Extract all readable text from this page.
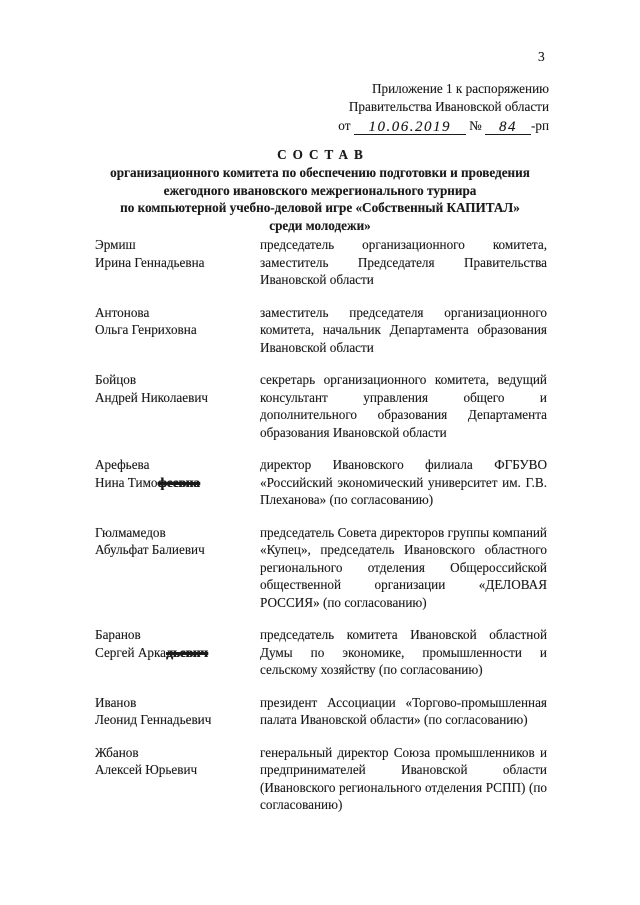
3
Приложение 1 к распоряжению
Правительства Ивановской области
от 10.06.2019 № 84 -рп
СОСТАВ
организационного комитета по обеспечению подготовки и проведения
ежегодного ивановского межрегионального турнира
по компьютерной учебно-деловой игре «Собственный КАПИТАЛ»
среди молодежи»
Эрмиш
Ирина Геннадьевна
председатель организационного комитета, заместитель Председателя Правительства Ивановской области
Антонова
Ольга Генриховна
заместитель председателя организационного комитета, начальник Департамента образования Ивановской области
Бойцов
Андрей Николаевич
секретарь организационного комитета, ведущий консультант управления общего и дополнительного образования Департамента образования Ивановской области
Арефьева
Нина Тимофеевна
директор Ивановского филиала ФГБУВО «Российский экономический университет им. Г.В. Плеханова» (по согласованию)
Гюлмамедов
Абульфат Балиевич
председатель Совета директоров группы компаний «Купец», председатель Ивановского областного регионального отделения Общероссийской общественной организации «ДЕЛОВАЯ РОССИЯ» (по согласованию)
Баранов
Сергей Аркадьевич
председатель комитета Ивановской областной Думы по экономике, промышленности и сельскому хозяйству (по согласованию)
Иванов
Леонид Геннадьевич
президент Ассоциации «Торгово-промышленная палата Ивановской области» (по согласованию)
Жбанов
Алексей Юрьевич
генеральный директор Союза промышленников и предпринимателей Ивановской области (Ивановского регионального отделения РСПП) (по согласованию)
